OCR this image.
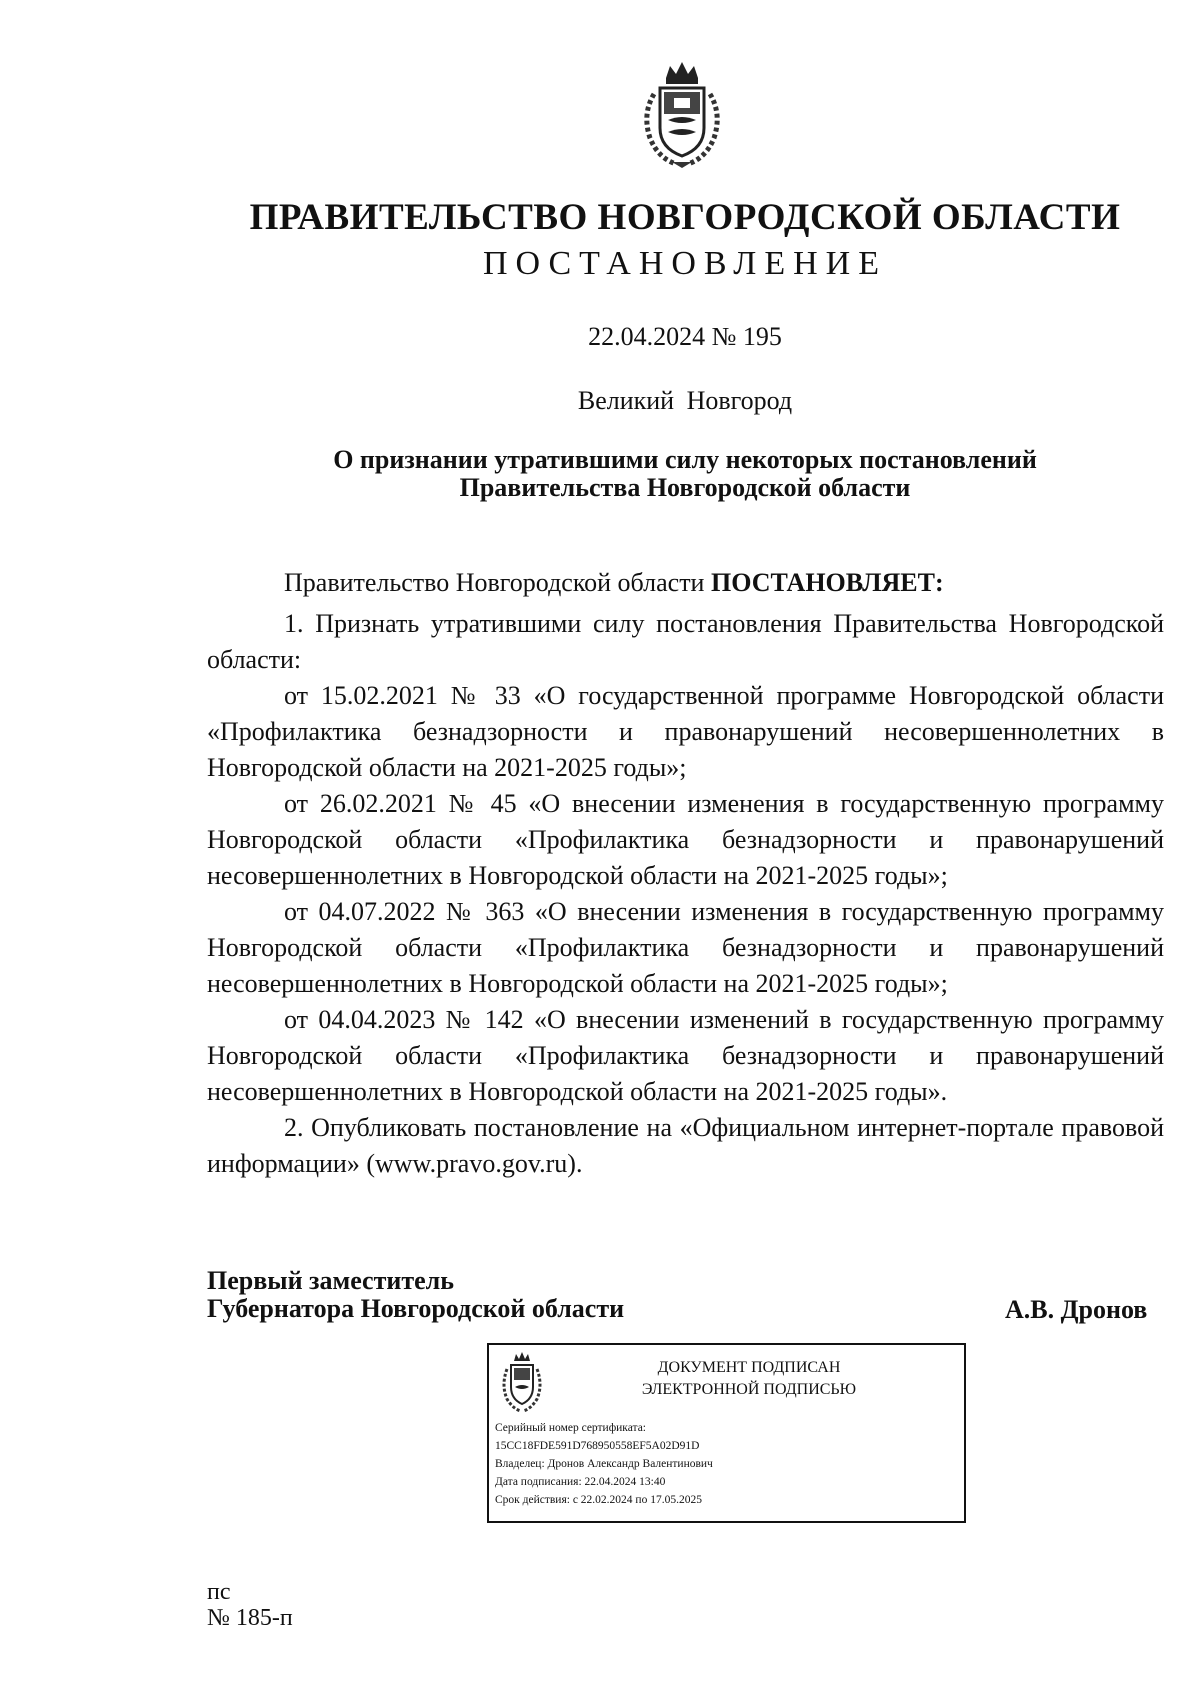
ПРАВИТЕЛЬСТВО НОВГОРОДСКОЙ ОБЛАСТИ
ПОСТАНОВЛЕНИЕ
22.04.2024 № 195
Великий Новгород
О признании утратившими силу некоторых постановлений
Правительства Новгородской области

Правительство Новгородской области ПОСТАНОВЛЯЕТ:

1. Признать утратившими силу постановления Правительства Новгородской области:

от 15.02.2021 № 33 «О государственной программе Новгородской области «Профилактика безнадзорности и правонарушений несовершеннолетних в Новгородской области на 2021-2025 годы»;

от 26.02.2021 № 45 «О внесении изменения в государственную программу Новгородской области «Профилактика безнадзорности и правонарушений несовершеннолетних в Новгородской области на 2021-2025 годы»;

от 04.07.2022 № 363 «О внесении изменения в государственную программу Новгородской области «Профилактика безнадзорности и правонарушений несовершеннолетних в Новгородской области на 2021-2025 годы»;

от 04.04.2023 № 142 «О внесении изменений в государственную программу Новгородской области «Профилактика безнадзорности и правонарушений несовершеннолетних в Новгородской области на 2021-2025 годы».

2. Опубликовать постановление на «Официальном интернет-портале правовой информации» (www.pravo.gov.ru).

Первый заместитель
Губернатора Новгородской области	А.В. Дронов
ДОКУМЕНТ ПОДПИСАН
ЭЛЕКТРОННОЙ ПОДПИСЬЮ
Серийный номер сертификата:
15CC18FDE591D768950558EF5A02D91D
Владелец: Дронов Александр Валентинович
Дата подписания: 22.04.2024 13:40
Срок действия: с 22.02.2024 по 17.05.2025
пс
№ 185-п
